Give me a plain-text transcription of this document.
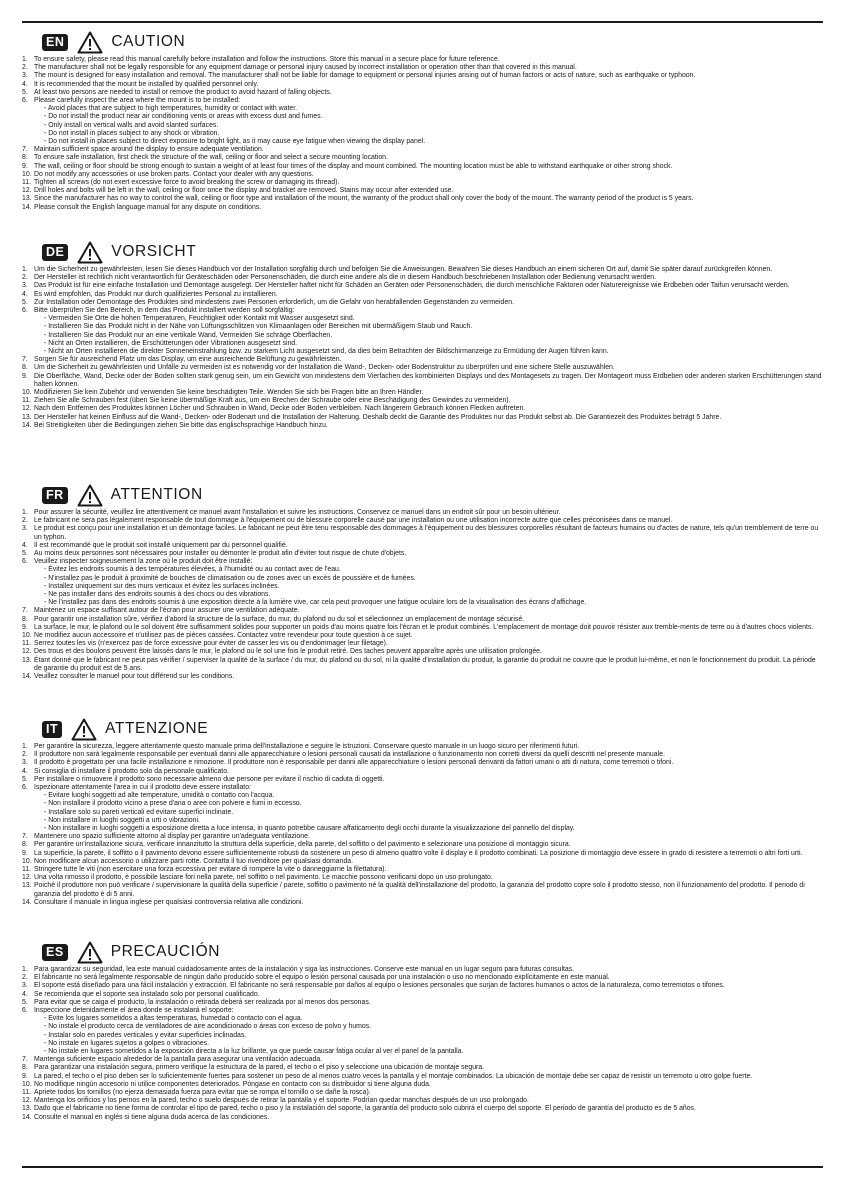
EN	CAUTION
1. To ensure safety, please read this manual carefully before installation and follow the instructions. Store this manual in a secure place for future reference.
2. The manufacturer shall not be legally responsible for any equipment damage or personal injury caused by incorrect installation or operation other than that covered in this manual.
3. The mount is designed for easy installation and removal. The manufacturer shall not be liable for damage to equipment or personal injuries arising out of human factors or acts of nature, such as earthquake or typhoon.
4. It is recommended that the mount be installed by qualified personnel only.
5. At least two persons are needed to install or remove the product to avoid hazard of falling objects.
6. Please carefully inspect the area where the mount is to be installed:
- Avoid places that are subject to high temperatures, humidity or contact with water.
- Do not install the product near air conditioning vents or areas with excess dust and fumes.
- Only install on vertical walls and avoid slanted surfaces.
- Do not install in places subject to any shock or vibration.
- Do not install in places subject to direct exposure to bright light, as it may cause eye fatigue when viewing the display panel.
7. Maintain sufficient space around the display to ensure adequate ventilation.
8. To ensure safe installation, first check the structure of the wall, ceiling or floor and select a secure mounting location.
9. The wall, ceiling or floor should be strong enough to sustain a weight of at least four times of the display and mount combined. The mounting location must be able to withstand earthquake or other strong shock.
10. Do not modify any accessories or use broken parts. Contact your dealer with any questions.
11. Tighten all screws (do not exert excessive force to avoid breaking the screw or damaging its thread).
12. Drill holes and bolts will be left in the wall, ceiling or floor once the display and bracket are removed. Stains may occur after extended use.
13. Since the manufacturer has no way to control the wall, ceiling or floor type and installation of the mount, the warranty of the product shall only cover the body of the mount. The warranty period of the product is 5 years.
14. Please consult the English language manual for any dispute on conditions.
DE	VORSICHT
1. Um die Sicherheit zu gewährleisten, lesen Sie dieses Handbuch vor der Installation sorgfältig durch und befolgen Sie die Anweisungen. Bewahren Sie dieses Handbuch an einem sicheren Ort auf, damit Sie später darauf zurückgreifen können.
2. Der Hersteller ist rechtlich nicht verantwortlich für Geräteschäden oder Personenschäden, die durch eine andere als die in diesem Handbuch beschriebenen Installation oder Bedienung verursacht werden.
3. Das Produkt ist für eine einfache Installation und Demontage ausgelegt. Der Hersteller haftet nicht für Schäden an Geräten oder Personenschäden, die durch menschliche Faktoren oder Naturereignisse wie Erdbeben oder Taifun verursacht werden.
4. Es wird empfohlen, das Produkt nur durch qualifiziertes Personal zu installieren.
5. Zur Installation oder Demontage des Produktes sind mindestens zwei Personen erforderlich, um die Gefahr von herabfallenden Gegenständen zu vermeiden.
6. Bitte überprüfen Sie den Bereich, in dem das Produkt installiert werden soll sorgfältig:
- Vermeiden Sie Orte die hohen Temperaturen, Feuchtigkeit oder Kontakt mit Wasser ausgesetzt sind.
- Installieren Sie das Produkt nicht in der Nähe von Lüftungsschlitzen von Klimaanlagen oder Bereichen mit übermäßigem Staub und Rauch.
- Installieren Sie das Produkt nur an eine vertikale Wand, Vermeiden Sie schräge Oberflächen.
- Nicht an Orten installieren, die Erschütterungen oder Vibrationen ausgesetzt sind.
- Nicht an Orten installieren die direkter Sonneneinstrahlung bzw. zu starkem Licht ausgesetzt sind, da dies beim Betrachten der Bildschirmanzeige zu Ermüdung der Augen führen kann.
7. Sorgen Sie für ausreichend Platz um das Display, um eine ausreichende Belüftung zu gewährleisten.
8. Um die Sicherheit zu gewährleisten und Unfälle zu vermeiden ist es notwendig vor der Installation die Wand-, Decken- oder Bodenstruktur zu überprüfen und eine sichere Stelle auszuwählen.
9. Die Oberfläche, Wand, Decke oder der Boden sollten stark genug sein, um ein Gewicht von mindestens dem Vierfachen des kombinierten Displays und des Montagesets zu tragen. Der Montageort muss Erdbeben oder anderen starken Erschütterungen stand halten können.
10. Modifizieren Sie kein Zubehör und verwenden Sie keine beschädigten Teile. Wenden Sie sich bei Fragen bitte an Ihren Händler.
11. Ziehen Sie alle Schrauben fest (üben Sie keine übermäßige Kraft aus, um ein Brechen der Schraube oder eine Beschädigung des Gewindes zu vermeiden).
12. Nach dem Entfernen des Produktes können Löcher und Schrauben in Wand, Decke oder Boden verbleiben. Nach längerem Gebrauch können Flecken auftreten.
13. Der Hersteller hat keinen Einfluss auf die Wand-, Decken- oder Bodenart und die Installation der Halterung. Deshalb deckt die Garantie des Produktes nur das Produkt selbst ab. Die Garantiezeit des Produktes beträgt 5 Jahre.
14. Bei Streitigkeiten über die Bedingungen ziehen Sie bitte das englischsprachige Handbuch hinzu.
FR	ATTENTION
1. Pour assurer la sécurité, veuillez lire attentivement ce manuel avant l'installation et suivre les instructions. Conservez ce manuel dans un endroit sûr pour un besoin ultérieur.
2. Le fabricant ne sera pas légalement responsable de tout dommage à l'équipement ou de blessure corporelle causé par une installation ou une utilisation incorrecte autre que celles préconisées dans ce manuel.
3. Le produit est conçu pour une installation et un démontage faciles. Le fabricant ne peut être tenu responsable des dommages à l'équipement ou des blessures corporelles résultant de facteurs humains ou d'actes de nature, tels qu'un tremblement de terre ou un typhon.
4. Il est recommandé que le produit soit installé uniquement par du personnel qualifié.
5. Au moins deux personnes sont nécessaires pour installer ou démonter le produit afin d'éviter tout risque de chute d'objets.
6. Veuillez inspecter soigneusement la zone où le produit doit être installé:
- Évitez les endroits soumis à des températures élevées, à l'humidité ou au contact avec de l'eau.
- N'installez pas le produit à proximité de bouches de climatisation ou de zones avec un excès de poussière et de fumées.
- Installez uniquement sur des murs verticaux et évitez les surfaces inclinées.
- Ne pas installer dans des endroits soumis à des chocs ou des vibrations.
- Ne l'installez pas dans des endroits soumis à une exposition directe à la lumière vive, car cela peut provoquer une fatigue oculaire lors de la visualisation des écrans d'affichage.
7. Maintenez un espace suffisant autour de l'écran pour assurer une ventilation adéquate.
8. Pour garantir une installation sûre, vérifiez d'abord la structure de la surface, du mur, du plafond ou du sol et sélectionnez un emplacement de montage sécurisé.
9. La surface, le mur, le plafond ou le sol doivent être suffisamment solides pour supporter un poids d'au moins quatre fois l'écran et le produit combinés. L'emplacement de montage doit pouvoir résister aux tremble-ments de terre ou à d'autres chocs violents.
10. Ne modifiez aucun accessoire et n'utilisez pas de pièces cassées. Contactez votre revendeur pour toute question à ce sujet.
11. Serrez toutes les vis (n'exercez pas de force excessive pour éviter de casser les vis ou d'endommager leur filetage).
12. Des trous et des boulons peuvent être laissés dans le mur, le plafond ou le sol une fois le produit retiré. Des taches peuvent apparaître après une utilisation prolongée.
13. Étant donné que le fabricant ne peut pas vérifier / superviser la qualité de la surface / du mur, du plafond ou du sol, ni la qualité d'installation du produit, la garantie du produit ne couvre que le produit lui-même, et non le fonctionnement du produit. La période de garantie du produit est de 5 ans.
14. Veuillez consulter le manuel pour tout différend sur les conditions.
IT	ATTENZIONE
1. Per garantire la sicurezza, leggere attentamente questo manuale prima dell'installazione e seguire le istruzioni. Conservare questo manuale in un luogo sicuro per riferimenti futuri.
2. Il produttore non sarà legalmente responsabile per eventuali danni alle apparecchiature o lesioni personali causati da installazione o funzionamento non corretti diversi da quelli descritti nel presente manuale.
3. Il prodotto è progettato per una facile installazione e rimozione. Il produttore non è responsabile per danni alle apparecchiature o lesioni personali derivanti da fattori umani o atti di natura, come terremoti o tifoni.
4. Si consiglia di installare il prodotto solo da personale qualificato.
5. Per installare o rimuovere il prodotto sono necessarie almeno due persone per evitare il rischio di caduta di oggetti.
6. Ispezionare attentamente l'area in cui il prodotto deve essere installato:
- Evitare luoghi soggetti ad alte temperature, umidità o contatto con l'acqua.
- Non installare il prodotto vicino a prese d'aria o aree con polvere e fumi in eccesso.
- Installare solo su pareti verticali ed evitare superfici inclinate.
- Non installare in luoghi soggetti a urti o vibrazioni.
- Non installare in luoghi soggetti a esposizione diretta a luce intensa, in quanto potrebbe causare affaticamento degli occhi durante la visualizzazione del pannello del display.
7. Mantenere uno spazio sufficiente attorno al display per garantire un'adeguata ventilazione.
8. Per garantire un'installazione sicura, verificare innanzitutto la struttura della superficie, della parete, del soffitto o del pavimento e selezionare una posizione di montaggio sicura.
9. La superficie, la parete, il soffitto o il pavimento devono essere sufficientemente robusti da sostenere un peso di almeno quattro volte il display e il prodotto combinati. La posizione di montaggio deve essere in grado di resistere a terremoti o altri forti urti.
10. Non modificare alcun accessorio o utilizzare parti rotte. Contatta il tuo rivenditore per qualsiasi domanda.
11. Stringere tutte le viti (non esercitare una forza eccessiva per evitare di rompere la vite o danneggiarne la filettatura).
12. Una volta rimosso il prodotto, è possibile lasciare fori nella parete, nel soffitto o nel pavimento. Le macchie possono verificarsi dopo un uso prolungato.
13. Poiché il produttore non può verificare / supervisionare la qualità della superficie / parete, soffitto o pavimento né la qualità dell'installazione del prodotto, la garanzia del prodotto copre solo il prodotto stesso, non il funzionamento del prodotto. Il periodo di garanzia del prodotto è di 5 anni.
14. Consultare il manuale in lingua inglese per qualsiasi controversia relativa alle condizioni.
ES	PRECAUCIÓN
1. Para garantizar su seguridad, lea este manual cuidadosamente antes de la instalación y siga las instrucciones. Conserve este manual en un lugar seguro para futuras consultas.
2. El fabricante no será legalmente responsable de ningún daño producido sobre el equipo o lesión personal causada por una instalación o uso no mencionado explícitamente en este manual.
3. El soporte está diseñado para una fácil instalación y extracción. El fabricante no será responsable por daños al equipo o lesiones personales que surjan de factores humanos o actos de la naturaleza, como terremotos o tifones.
4. Se recomienda que el soporte sea instalado solo por personal cualificado.
5. Para evitar que se caiga el producto, la instalación o retirada deberá ser realizada por al menos dos personas.
6. Inspeccione detenidamente el área donde se instalará el soporte:
- Evite los lugares sometidos a altas temperaturas, humedad o contacto con el agua.
- No instale el producto cerca de ventiladores de aire acondicionado o áreas con exceso de polvo y humos.
- Instalar solo en paredes verticales y evitar superficies inclinadas.
- No instale en lugares sujetos a golpes o vibraciones.
- No instale en lugares sometidos a la exposición directa a la luz brillante, ya que puede causar fatiga ocular al ver el panel de la pantalla.
7. Mantenga suficiente espacio alrededor de la pantalla para asegurar una ventilación adecuada.
8. Para garantizar una instalación segura, primero verifique la estructura de la pared, el techo o el piso y seleccione una ubicación de montaje segura.
9. La pared, el techo o el piso deben ser lo suficientemente fuertes para sostener un peso de al menos cuatro veces la pantalla y el montaje combinados. La ubicación de montaje debe ser capaz de resistir un terremoto u otro golpe fuerte.
10. No modifique ningún accesorio ni utilice componentes deteriorados. Póngase en contacto con su distribuidor si tiene alguna duda.
11. Apriete todos los tornillos (no ejerza demasiada fuerza para evitar que se rompa el tornillo o se dañe la rosca).
12. Mantenga los orificios y los pernos en la pared, techo o suelo después de retirar la pantalla y el soporte. Podrían quedar manchas después de un uso prolongado.
13. Dado que el fabricante no tiene forma de controlar el tipo de pared, techo o piso y la instalación del soporte, la garantía del producto solo cubrirá el cuerpo del soporte. El periodo de garantía del producto es de 5 años.
14. Consulte el manual en inglés si tiene alguna duda acerca de las condiciones.
